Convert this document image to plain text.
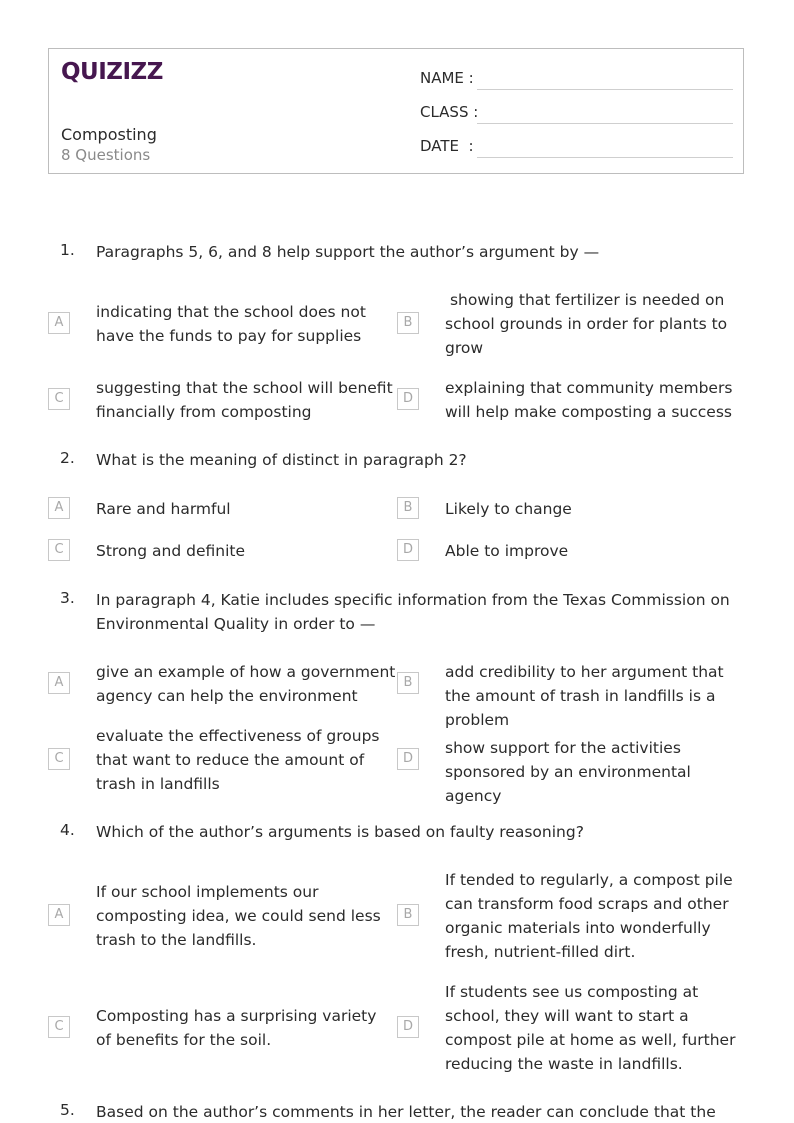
QUIZIZZ
Composting
8 Questions
NAME :
CLASS :
DATE  :
1. Paragraphs 5, 6, and 8 help support the author’s argument by —
A
indicating that the school does not have the funds to pay for supplies
B
showing that fertilizer is needed on school grounds in order for plants to grow
C
suggesting that the school will benefit financially from composting
D
explaining that community members will help make composting a success
2. What is the meaning of distinct in paragraph 2?
A	Rare and harmful	B	Likely to change
C	Strong and definite	D	Able to improve
3. In paragraph 4, Katie includes specific information from the Texas Commission on Environmental Quality in order to —
A
give an example of how a government agency can help the environment
B
add credibility to her argument that the amount of trash in landfills is a problem
C
evaluate the effectiveness of groups that want to reduce the amount of trash in landfills
D
show support for the activities sponsored by an environmental agency
4. Which of the author’s arguments is based on faulty reasoning?
A
If our school implements our composting idea, we could send less trash to the landfills.
B
If tended to regularly, a compost pile can transform food scraps and other organic materials into wonderfully fresh, nutrient-filled dirt.
C
Composting has a surprising variety of benefits for the soil.
D
If students see us composting at school, they will want to start a compost pile at home as well, further reducing the waste in landfills.
5. Based on the author’s comments in her letter, the reader can conclude that the
